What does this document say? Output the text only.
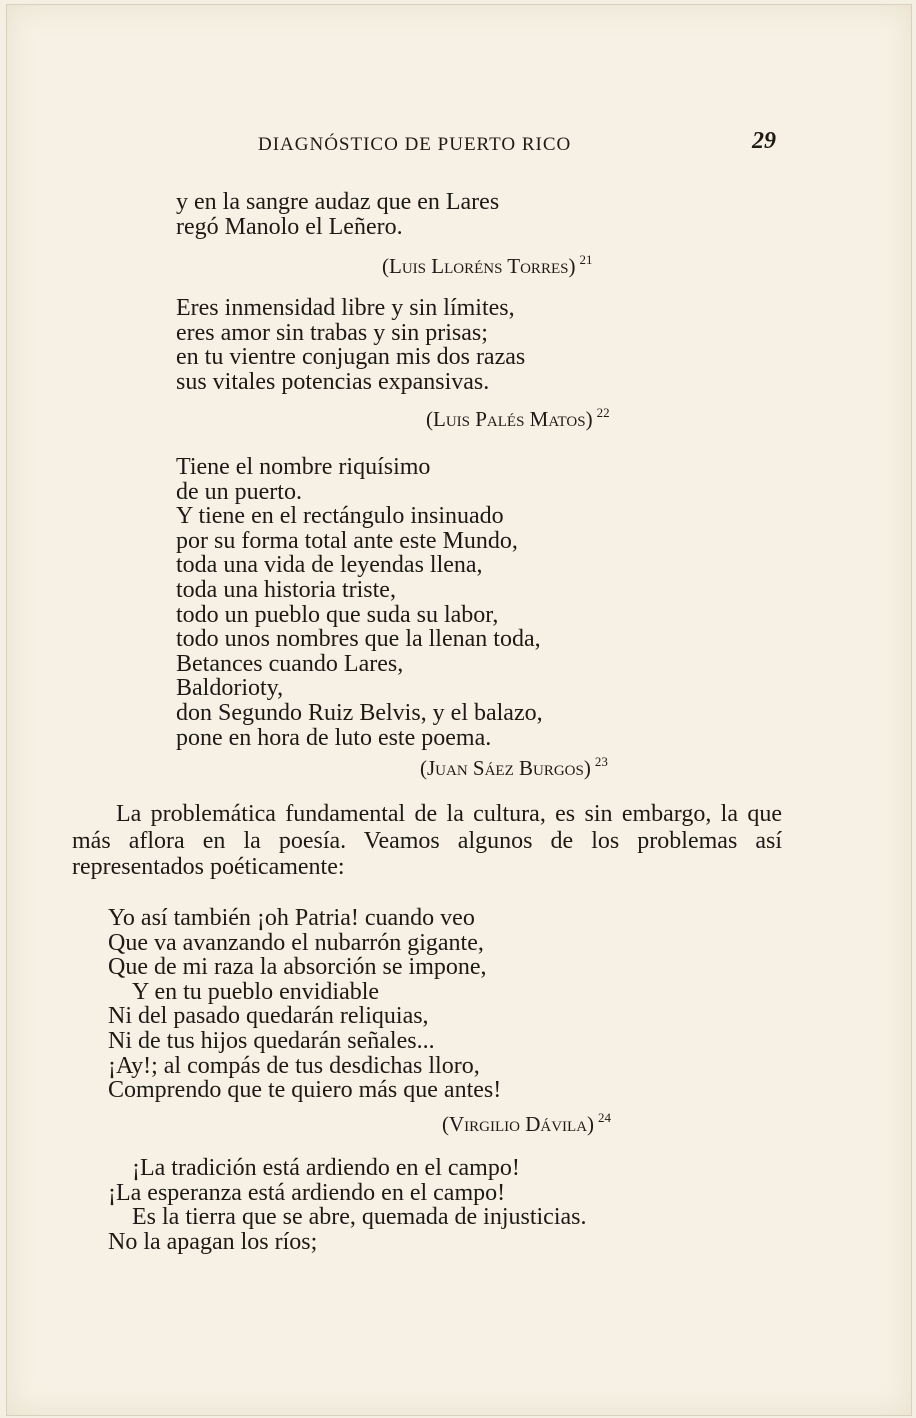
DIAGNÓSTICO DE PUERTO RICO	29
y en la sangre audaz que en Lares
regó Manolo el Leñero.
(Luis Lloréns Torres) $^{21}$
Eres inmensidad libre y sin límites,
eres amor sin trabas y sin prisas;
en tu vientre conjugan mis dos razas
sus vitales potencias expansivas.
(Luis Palés Matos) $^{22}$
Tiene el nombre riquísimo
de un puerto.
Y tiene en el rectángulo insinuado
por su forma total ante este Mundo,
toda una vida de leyendas llena,
toda una historia triste,
todo un pueblo que suda su labor,
todo unos nombres que la llenan toda,
Betances cuando Lares,
Baldorioty,
don Segundo Ruiz Belvis, y el balazo,
pone en hora de luto este poema.
(Juan Sáez Burgos) $^{23}$
La problemática fundamental de la cultura, es sin embargo, la que más aflora en la poesía. Veamos algunos de los problemas así representados poéticamente:
Yo así también ¡oh Patria! cuando veo
Que va avanzando el nubarrón gigante,
Que de mi raza la absorción se impone,
Y en tu pueblo envidiable
Ni del pasado quedarán reliquias,
Ni de tus hijos quedarán señales...
¡Ay!; al compás de tus desdichas lloro,
Comprendo que te quiero más que antes!
(Virgilio Dávila) $^{24}$
¡La tradición está ardiendo en el campo!
¡La esperanza está ardiendo en el campo!
Es la tierra que se abre, quemada de injusticias.
No la apagan los ríos;
